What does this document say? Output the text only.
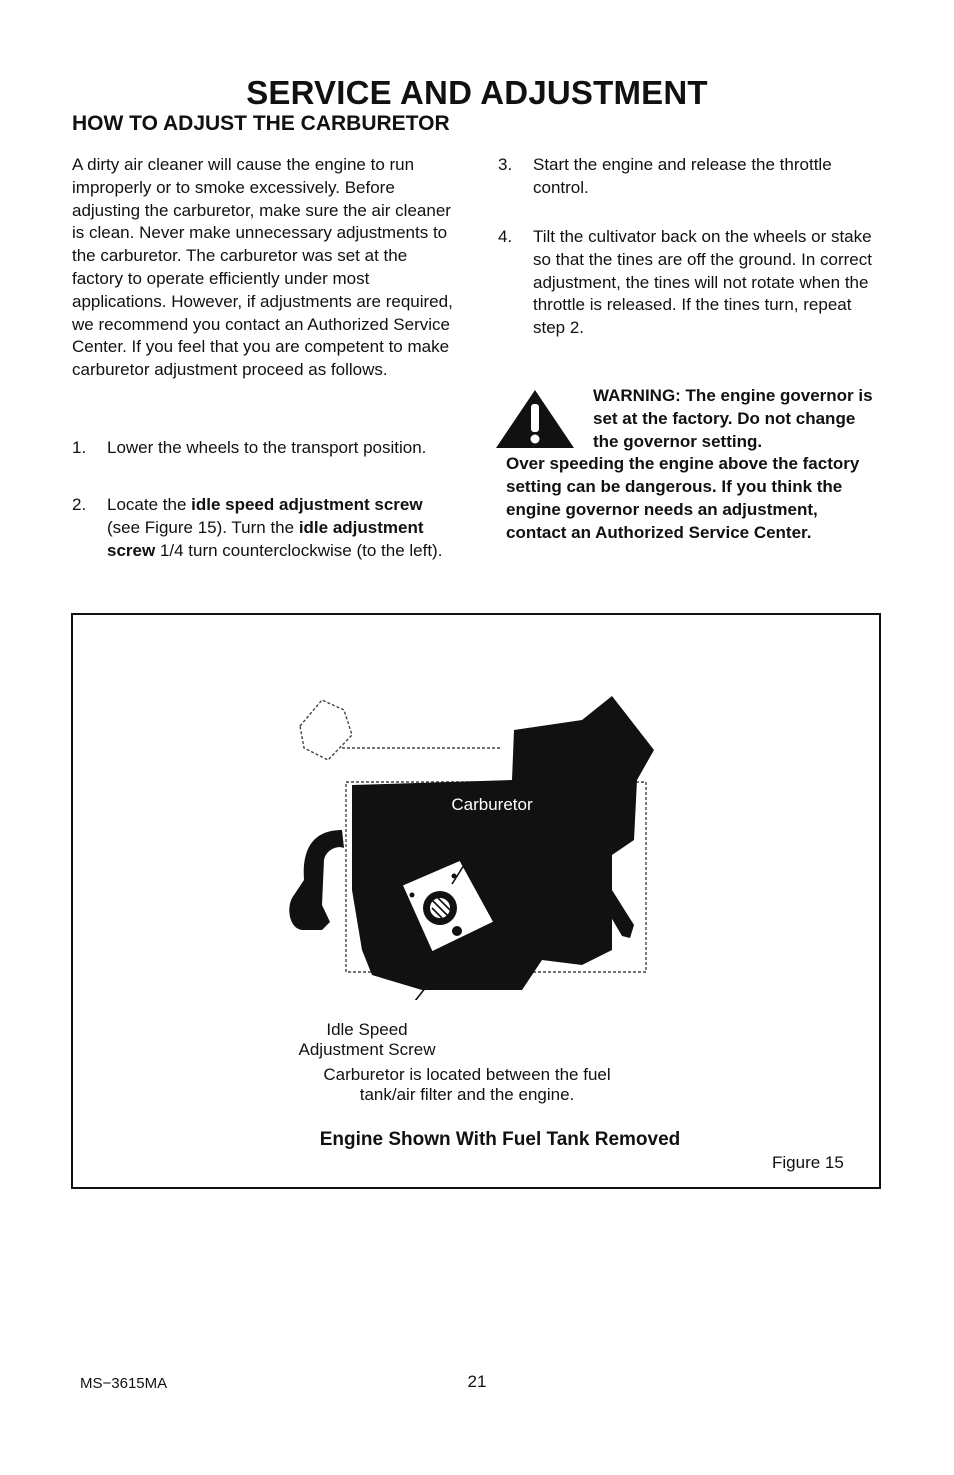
SERVICE AND ADJUSTMENT
HOW TO ADJUST THE CARBURETOR
A dirty air cleaner will cause the engine to run improperly or to smoke excessively. Before adjusting the carburetor, make sure the air cleaner is clean. Never make unnecessary adjustments to the carburetor. The carburetor was set at the factory to operate efficiently under most applications. However, if adjustments are required, we recommend you contact an Authorized Service Center. If you feel that you are competent to make carburetor adjustment proceed as follows.
1. Lower the wheels to the transport position.
2. Locate the idle speed adjustment screw (see Figure 15). Turn the idle adjustment screw 1/4 turn counterclockwise (to the left).
3. Start the engine and release the throttle control.
4. Tilt the cultivator back on the wheels or stake so that the tines are off the ground. In correct adjustment, the tines will not rotate when the throttle is released. If the tines turn, repeat step 2.
WARNING: The engine governor is set at the factory. Do not change the governor setting.
Over speeding the engine above the factory setting can be dangerous. If you think the engine governor needs an adjustment, contact an Authorized Service Center.
Carburetor
Idle Speed
Adjustment Screw
Carburetor is located between the fuel
tank/air filter and the engine.
Engine Shown With Fuel Tank Removed
Figure 15
MS−3615MA	21
